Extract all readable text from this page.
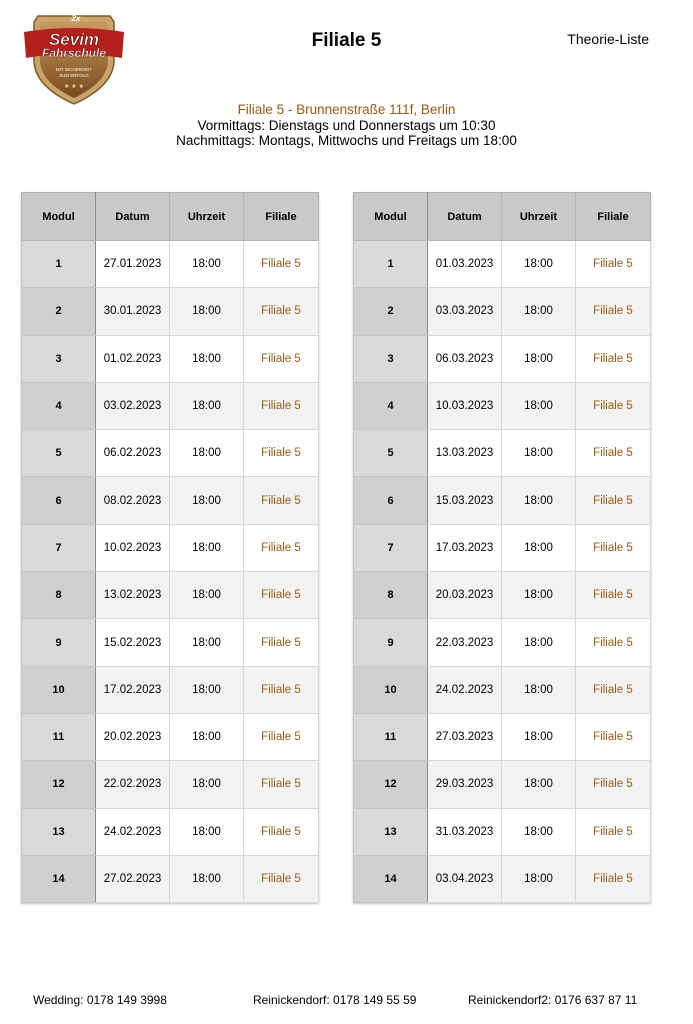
2x
Sevim
Fahrschule
MIT SICHERHEIT
ZUM ERFOLG
★ ★ ★
Filiale 5	Theorie-Liste
Filiale 5 - Brunnenstraße 111f, Berlin
Vormittags: Dienstags und Donnerstags um 10:30
Nachmittags: Montags, Mittwochs und Freitags um 18:00
Modul	Datum	Uhrzeit	Filiale
1	27.01.2023	18:00	Filiale 5
2	30.01.2023	18:00	Filiale 5
3	01.02.2023	18:00	Filiale 5
4	03.02.2023	18:00	Filiale 5
5	06.02.2023	18:00	Filiale 5
6	08.02.2023	18:00	Filiale 5
7	10.02.2023	18:00	Filiale 5
8	13.02.2023	18:00	Filiale 5
9	15.02.2023	18:00	Filiale 5
10	17.02.2023	18:00	Filiale 5
11	20.02.2023	18:00	Filiale 5
12	22.02.2023	18:00	Filiale 5
13	24.02.2023	18:00	Filiale 5
14	27.02.2023	18:00	Filiale 5
Modul	Datum	Uhrzeit	Filiale
1	01.03.2023	18:00	Filiale 5
2	03.03.2023	18:00	Filiale 5
3	06.03.2023	18:00	Filiale 5
4	10.03.2023	18:00	Filiale 5
5	13.03.2023	18:00	Filiale 5
6	15.03.2023	18:00	Filiale 5
7	17.03.2023	18:00	Filiale 5
8	20.03.2023	18:00	Filiale 5
9	22.03.2023	18:00	Filiale 5
10	24.02.2023	18:00	Filiale 5
11	27.03.2023	18:00	Filiale 5
12	29.03.2023	18:00	Filiale 5
13	31.03.2023	18:00	Filiale 5
14	03.04.2023	18:00	Filiale 5
Wedding: 0178 149 3998	Reinickendorf: 0178 149 55 59	Reinickendorf2: 0176 637 87 11
